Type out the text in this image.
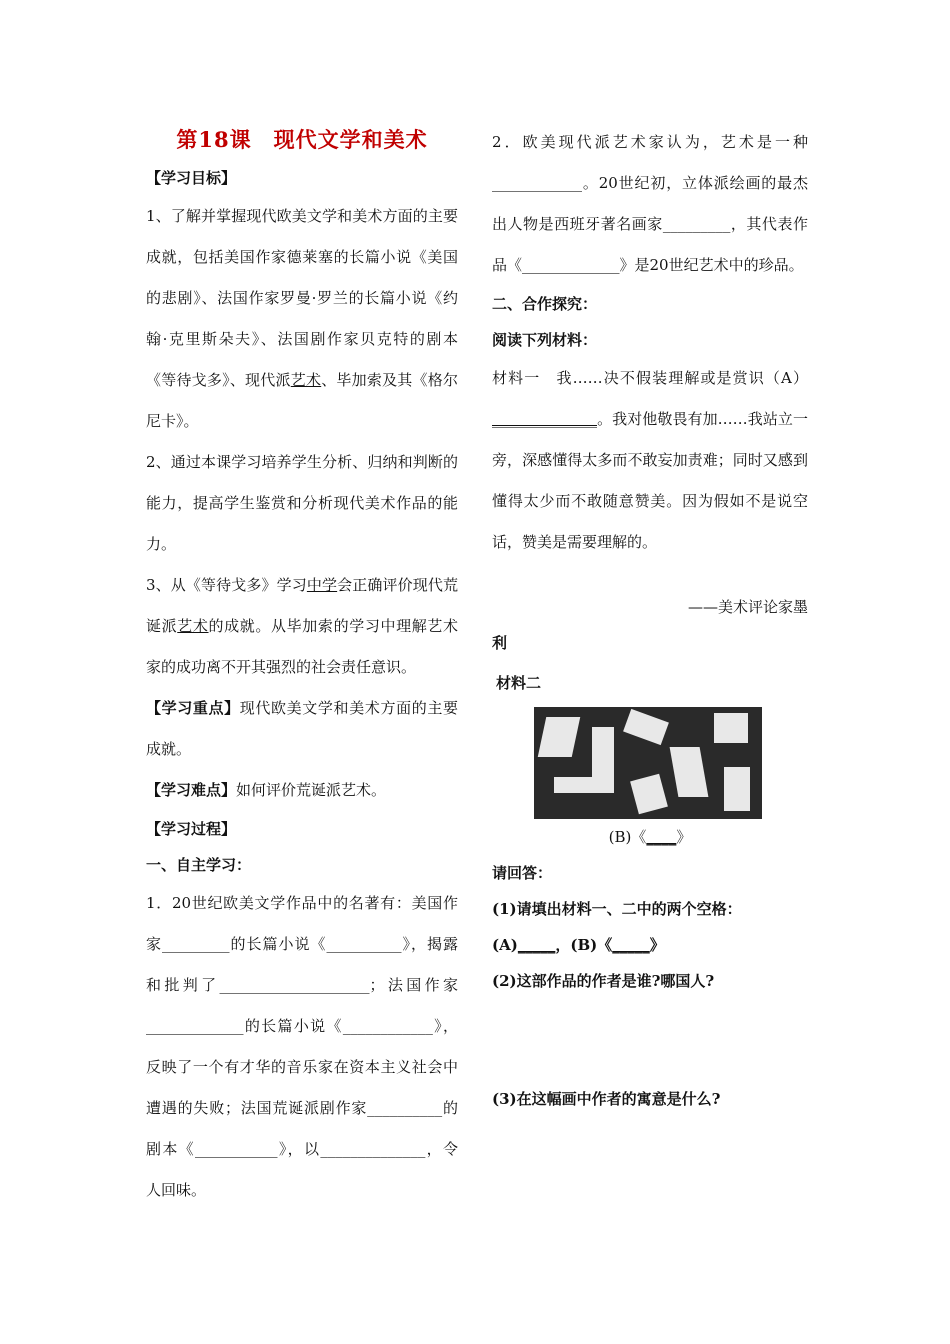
第18课　现代文学和美术

【学习目标】

1、了解并掌握现代欧美文学和美术方面的主要成就，包括美国作家德莱塞的长篇小说《美国的悲剧》、法国作家罗曼·罗兰的长篇小说《约翰·克里斯朵夫》、法国剧作家贝克特的剧本《等待戈多》、现代派艺术、毕加索及其《格尔尼卡》。

2、通过本课学习培养学生分析、归纳和判断的能力，提高学生鉴赏和分析现代美术作品的能力。

3、从《等待戈多》学习中学会正确评价现代荒诞派艺术的成就。从毕加索的学习中理解艺术家的成功离不开其强烈的社会责任意识。

【学习重点】现代欧美文学和美术方面的主要成就。

【学习难点】如何评价荒诞派艺术。

【学习过程】

一、自主学习：

1．20世纪欧美文学作品中的名著有：美国作家_________的长篇小说《__________》，揭露和批判了____________________；法国作家_____________的长篇小说《____________》，反映了一个有才华的音乐家在资本主义社会中遭遇的失败；法国荒诞派剧作家__________的剧本《___________》，以______________，令人回味。

2．欧美现代派艺术家认为，艺术是一种____________。20世纪初，立体派绘画的最杰出人物是西班牙著名画家_________，其代表作品《_____________》是20世纪艺术中的珍品。

二、合作探究：

阅读下列材料：

材料一　我……决不假装理解或是赏识（A）______________。我对他敬畏有加……我站立一旁，深感懂得太多而不敢妄加责难；同时又感到懂得太少而不敢随意赞美。因为假如不是说空话，赞美是需要理解的。

——美术评论家墨

利

材料二

(B)《____》

请回答：

(1)请填出材料一、二中的两个空格：

(A)_____，(B)《_____》

(2)这部作品的作者是谁?哪国人?

(3)在这幅画中作者的寓意是什么?
